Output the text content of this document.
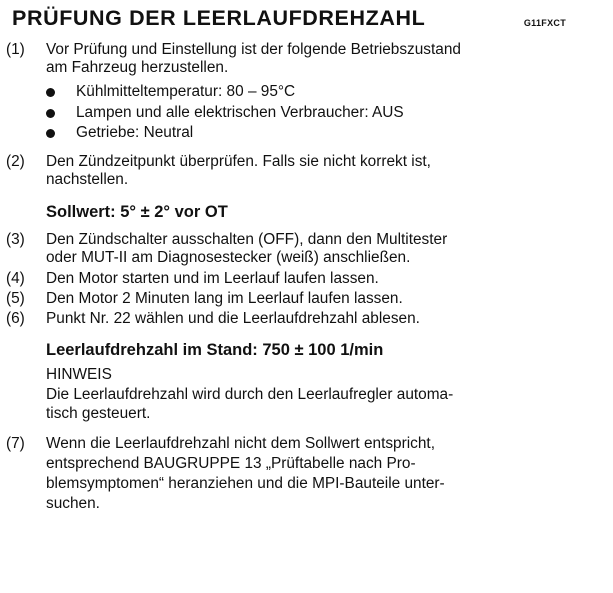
PRÜFUNG DER LEERLAUFDREHZAHL	G11FXCT
(1) Vor Prüfung und Einstellung ist der folgende Betriebszustand
am Fahrzeug herzustellen.
Kühlmitteltemperatur: 80 – 95°C
Lampen und alle elektrischen Verbraucher: AUS
Getriebe: Neutral
(2) Den Zündzeitpunkt überprüfen. Falls sie nicht korrekt ist,
nachstellen.
Sollwert: 5° ± 2° vor OT
(3) Den Zündschalter ausschalten (OFF), dann den Multitester
oder MUT-II am Diagnosestecker (weiß) anschließen.
(4) Den Motor starten und im Leerlauf laufen lassen.
(5) Den Motor 2 Minuten lang im Leerlauf laufen lassen.
(6) Punkt Nr. 22 wählen und die Leerlaufdrehzahl ablesen.
Leerlaufdrehzahl im Stand: 750 ± 100 1/min
HINWEIS
Die Leerlaufdrehzahl wird durch den Leerlaufregler automa-
tisch gesteuert.
(7) Wenn die Leerlaufdrehzahl nicht dem Sollwert entspricht,
entsprechend BAUGRUPPE 13 „Prüftabelle nach Pro-
blemsymptomen“ heranziehen und die MPI-Bauteile unter-
suchen.
